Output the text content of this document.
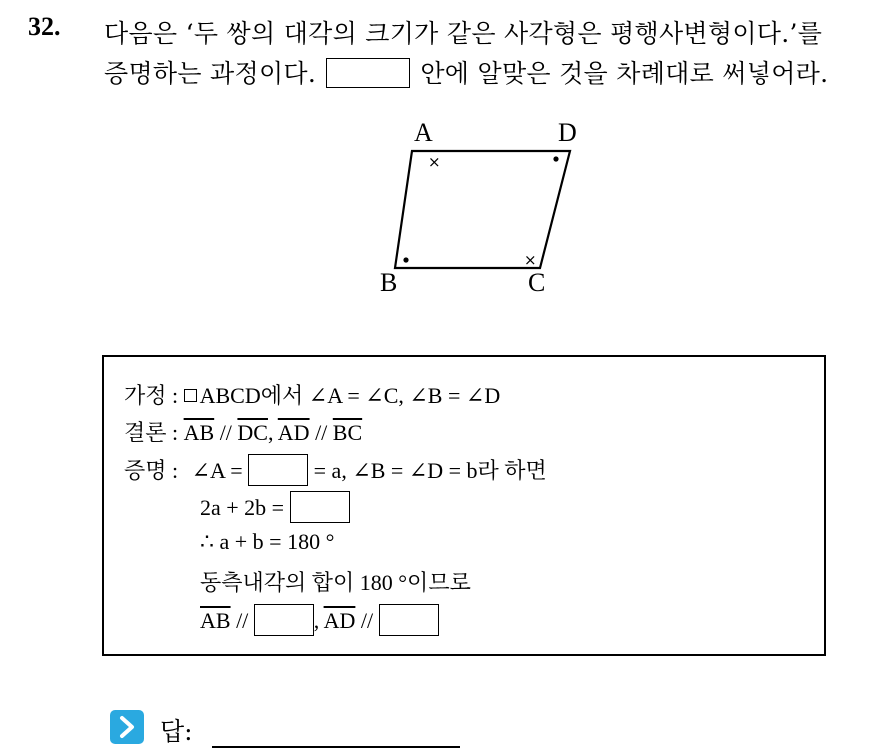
32. 다음은 ‘두 쌍의 대각의 크기가 같은 사각형은 평행사변형이다.’를
증명하는 과정이다.	안에 알맞은 것을 차례대로 써넣어라.
×
×
A	D
B	C
가정 : ABCD에서 ∠A = ∠C, ∠B = ∠D
결론 : $\overline{AB} // \overline{DC}$, $\overline{AD} // \overline{BC}$
증명 : ∠A =	= a, ∠B = ∠D = b라 하면
2a + 2b =
∴ a + b = 180 °
동측내각의 합이 180 °이므로
$\overline{AB}$ //	, $\overline{AD}$ //
답:
